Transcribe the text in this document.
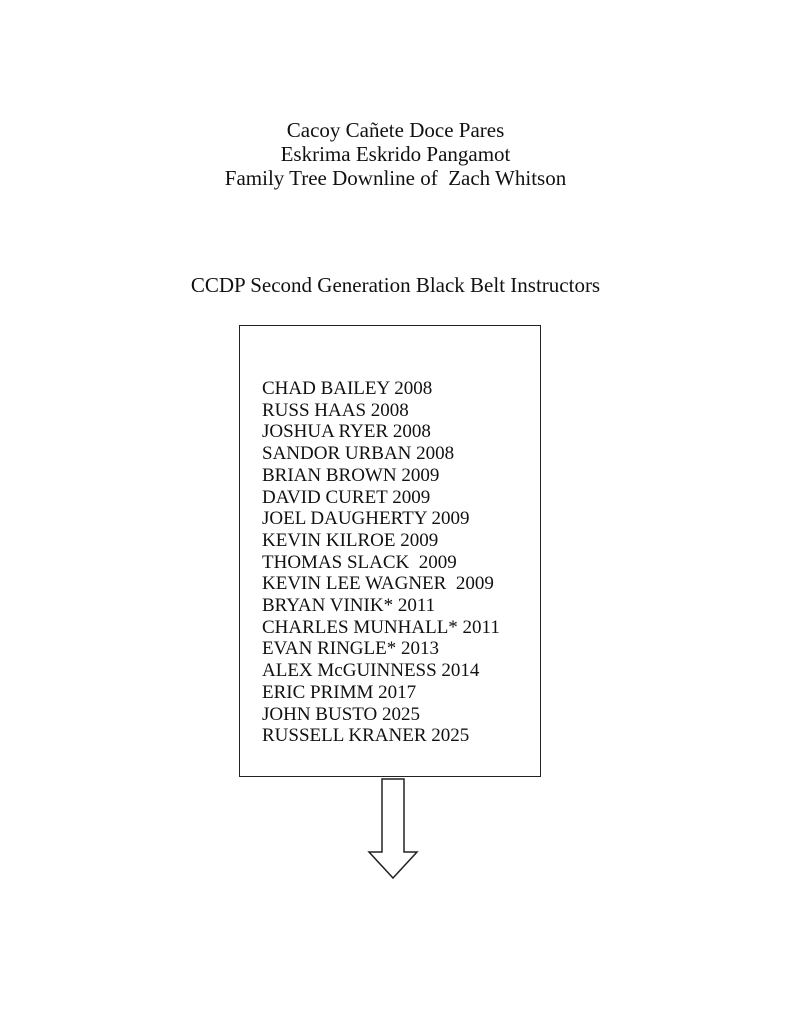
Cacoy Cañete Doce Pares
Eskrima Eskrido Pangamot
Family Tree Downline of  Zach Whitson
CCDP Second Generation Black Belt Instructors
CHAD BAILEY 2008
RUSS HAAS 2008
JOSHUA RYER 2008
SANDOR URBAN 2008
BRIAN BROWN 2009
DAVID CURET 2009
JOEL DAUGHERTY 2009
KEVIN KILROE 2009
THOMAS SLACK  2009
KEVIN LEE WAGNER  2009
BRYAN VINIK* 2011
CHARLES MUNHALL* 2011
EVAN RINGLE* 2013
ALEX McGUINNESS 2014
ERIC PRIMM 2017
JOHN BUSTO 2025
RUSSELL KRANER 2025
